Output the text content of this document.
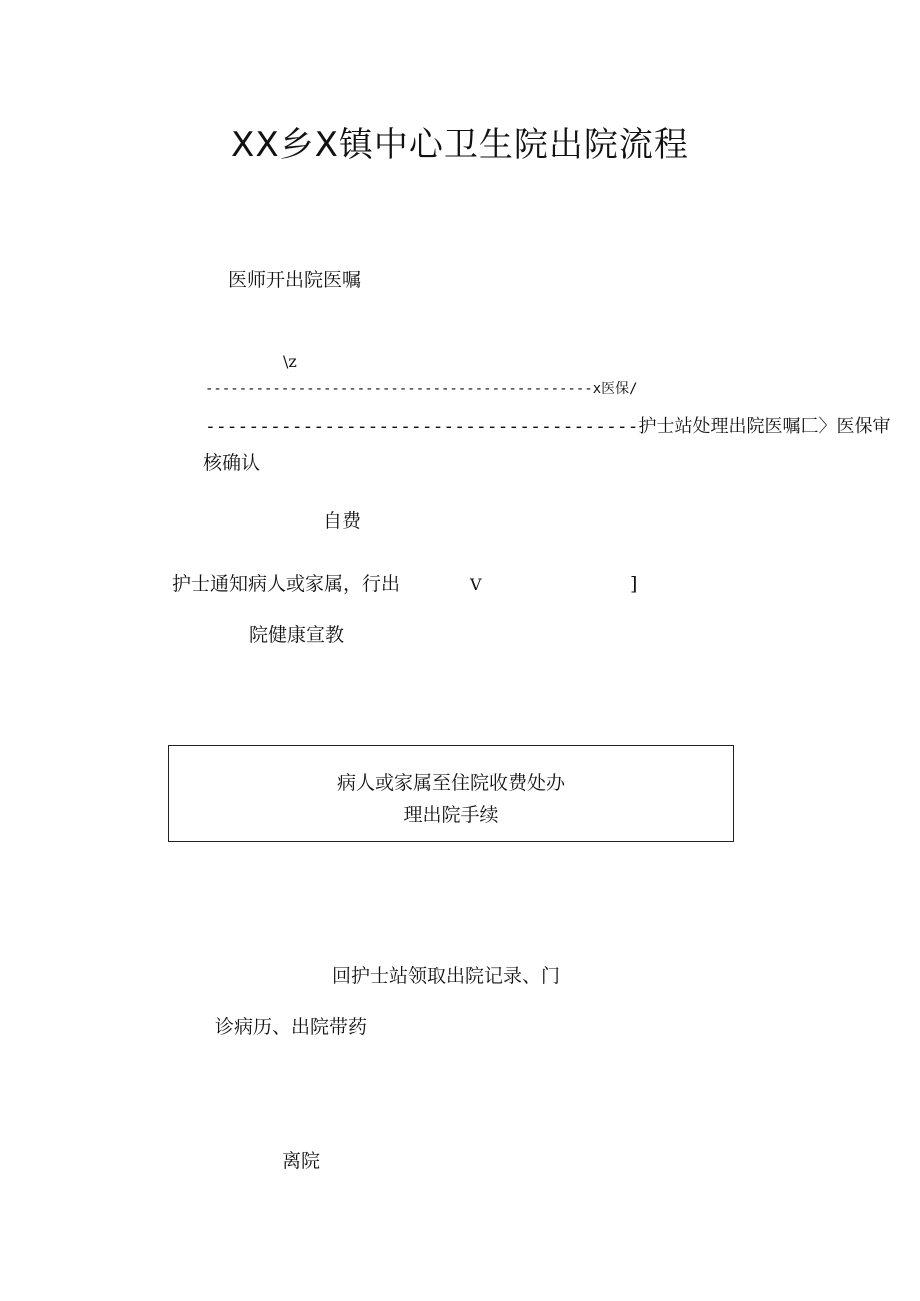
XX乡X镇中心卫生院出院流程
医师开出院医嘱
\z
----------------------------------------------x医保/
----------------------------------------护士站处理出院医嘱匚〉医保审
核确认
自费
护士通知病人或家属，行出	V	]
院健康宣教
病人或家属至住院收费处办
理出院手续
回护士站领取出院记录、门
诊病历、出院带药
离院
